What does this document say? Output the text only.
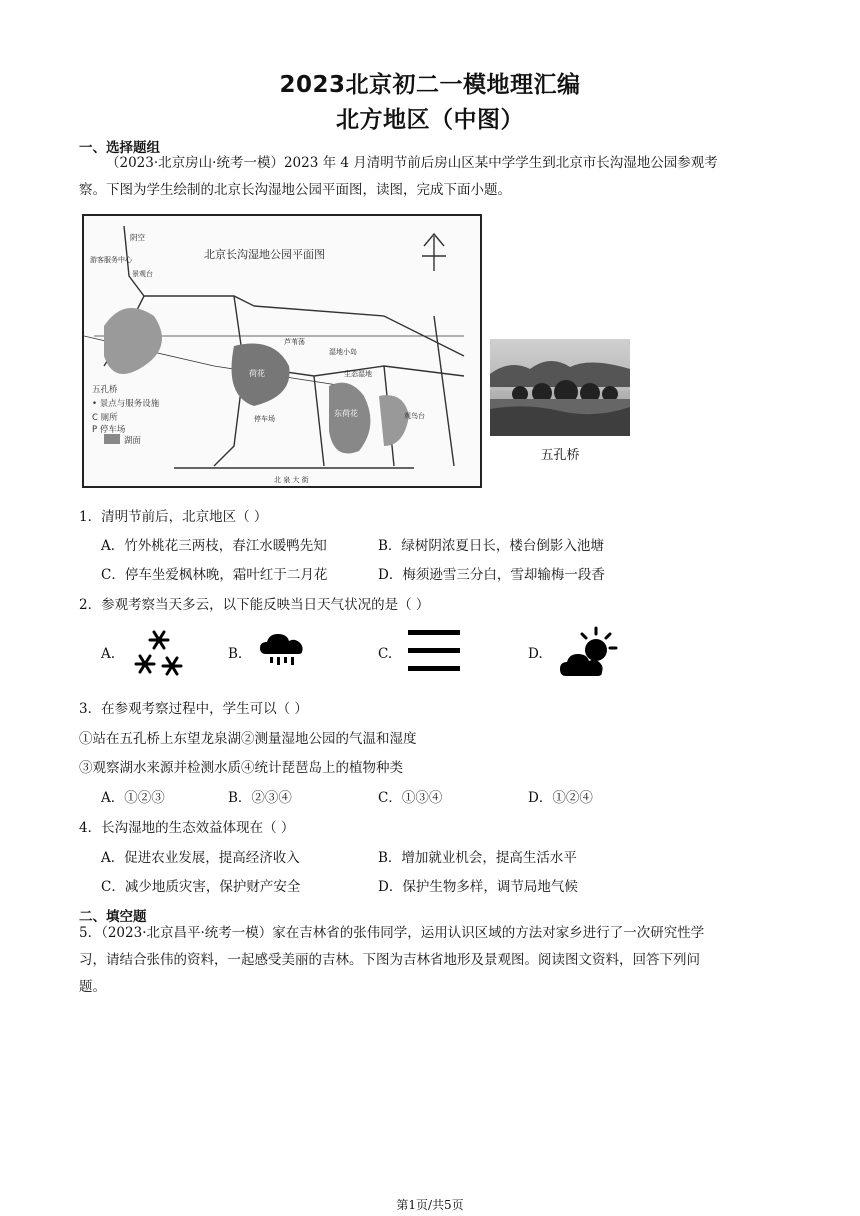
2023北京初二一模地理汇编
北方地区（中图）
一、选择题组
（2023·北京房山·统考一模）2023 年 4 月清明节前后房山区某中学学生到北京市长沟湿地公园参观考
察。下图为学生绘制的北京长沟湿地公园平面图，读图，完成下面小题。
五孔桥
• 景点与服务设施
C 厕所
P 停车场
湖面
北京长沟湿地公园平面图
阴空
游客服务中心
景观台
荷花
芦苇荡
湿地小岛
东荷花
生态湿地
停车场	观鸟台
北 泉 大 街
五孔桥
1．清明节前后，北京地区（ ）
A．竹外桃花三两枝，春江水暖鸭先知	B．绿树阴浓夏日长，楼台倒影入池塘
C．停车坐爱枫林晚，霜叶红于二月花	D．梅须逊雪三分白，雪却输梅一段香
2．参观考察当天多云，以下能反映当日天气状况的是（ ）
A.	B.	C.	D.
3．在参观考察过程中，学生可以（ ）
①站在五孔桥上东望龙泉湖②测量湿地公园的气温和湿度
③观察湖水来源并检测水质④统计琵琶岛上的植物种类
A．①②③	B．②③④	C．①③④	D．①②④
4．长沟湿地的生态效益体现在（ ）
A．促进农业发展，提高经济收入	B．增加就业机会，提高生活水平
C．减少地质灾害，保护财产安全	D．保护生物多样，调节局地气候
二、填空题
5．（2023·北京昌平·统考一模）家在吉林省的张伟同学，运用认识区域的方法对家乡进行了一次研究性学
习，请结合张伟的资料，一起感受美丽的吉林。下图为吉林省地形及景观图。阅读图文资料，回答下列问
题。
第1页/共5页
